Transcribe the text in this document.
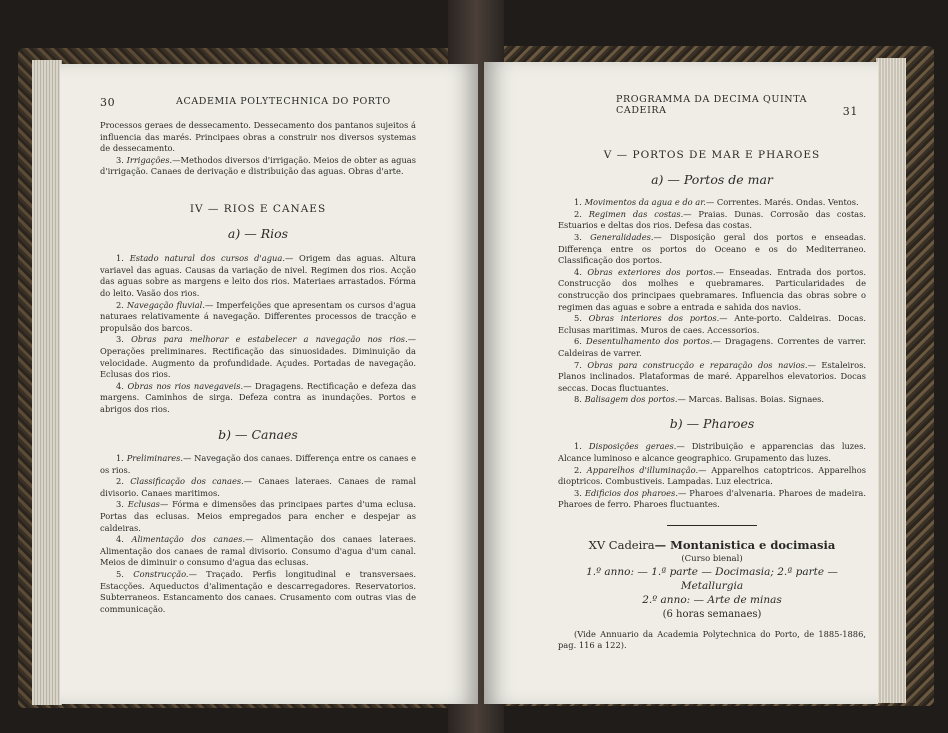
30	ACADEMIA POLYTECHNICA DO PORTO

Processos geraes de dessecamento. Dessecamento dos pantanos sujeitos á influencia das marés. Principaes obras a construir nos diversos systemas de dessecamento.

3. Irrigações.—Methodos diversos d'irrigação. Meios de obter as aguas d'irrigação. Canaes de derivação e distribuição das aguas. Obras d'arte.

IV — RIOS E CANAES

a) — Rios

1. Estado natural dos cursos d'agua.— Origem das aguas. Altura variavel das aguas. Causas da variação de nivel. Regimen dos rios. Acção das aguas sobre as margens e leito dos rios. Materiaes arrastados. Fórma do leito. Vasão dos rios.

2. Navegação fluvial.— Imperfeições que apresentam os cursos d'agua naturaes relativamente á navegação. Differentes processos de tracção e propulsão dos barcos.

3. Obras para melhorar e estabelecer a navegação nos rios.— Operações preliminares. Rectificação das sinuosidades. Diminuição da velocidade. Augmento da profundidade. Açudes. Portadas de navegação. Eclusas dos rios.

4. Obras nos rios navegaveis.— Dragagens. Rectificação e defeza das margens. Caminhos de sirga. Defeza contra as inundações. Portos e abrigos dos rios.

b) — Canaes

1. Preliminares.— Navegação dos canaes. Differença entre os canaes e os rios.

2. Classificação dos canaes.— Canaes lateraes. Canaes de ramal divisorio. Canaes maritimos.

3. Eclusas— Fórma e dimensões das principaes partes d'uma eclusa. Portas das eclusas. Meios empregados para encher e despejar as caldeiras.

4. Alimentação dos canaes.— Alimentação dos canaes lateraes. Alimentação dos canaes de ramal divisorio. Consumo d'agua d'um canal. Meios de diminuir o consumo d'agua das eclusas.

5. Construcção.— Traçado. Perfis longitudinal e transversaes. Estacções. Aqueductos d'alimentação e descarregadores. Reservatorios. Subterraneos. Estancamento dos canaes. Crusamento com outras vias de communicação.

PROGRAMMA DA DECIMA QUINTA CADEIRA	31

V — PORTOS DE MAR E PHAROES

a) — Portos de mar

1. Movimentos da agua e do ar.— Correntes. Marés. Ondas. Ventos.

2. Regimen das costas.— Praias. Dunas. Corrosão das costas. Estuarios e deltas dos rios. Defesa das costas.

3. Generalidades.— Disposição geral dos portos e enseadas. Differença entre os portos do Oceano e os do Mediterraneo. Classificação dos portos.

4. Obras exteriores dos portos.— Enseadas. Entrada dos portos. Construcção dos molhes e quebramares. Particularidades de construcção dos principaes quebramares. Influencia das obras sobre o regimen das aguas e sobre a entrada e sahida dos navios.

5. Obras interiores dos portos.— Ante-porto. Caldeiras. Docas. Eclusas maritimas. Muros de caes. Accessorios.

6. Desentulhamento dos portos.— Dragagens. Correntes de varrer. Caldeiras de varrer.

7. Obras para construcção e reparação dos navios.— Estaleiros. Planos inclinados. Plataformas de maré. Apparelhos elevatorios. Docas seccas. Docas fluctuantes.

8. Balisagem dos portos.— Marcas. Balisas. Boias. Signaes.

b) — Pharoes

1. Disposições geraes.— Distribuição e apparencias das luzes. Alcance luminoso e alcance geographico. Grupamento das luzes.

2. Apparelhos d'illuminação.— Apparelhos catoptricos. Apparelhos dioptricos. Combustiveis. Lampadas. Luz electrica.

3. Edificios dos pharoes.— Pharoes d'alvenaria. Pharoes de madeira. Pharoes de ferro. Pharoes fluctuantes.

XV Cadeira— Montanistica e docimasia

(Curso bienal)

1.º anno: — 1.ª parte — Docimasia; 2.ª parte — Metallurgia

2.º anno: — Arte de minas

(6 horas semanaes)

(Vide Annuario da Academia Polytechnica do Porto, de 1885-1886, pag. 116 a 122).
